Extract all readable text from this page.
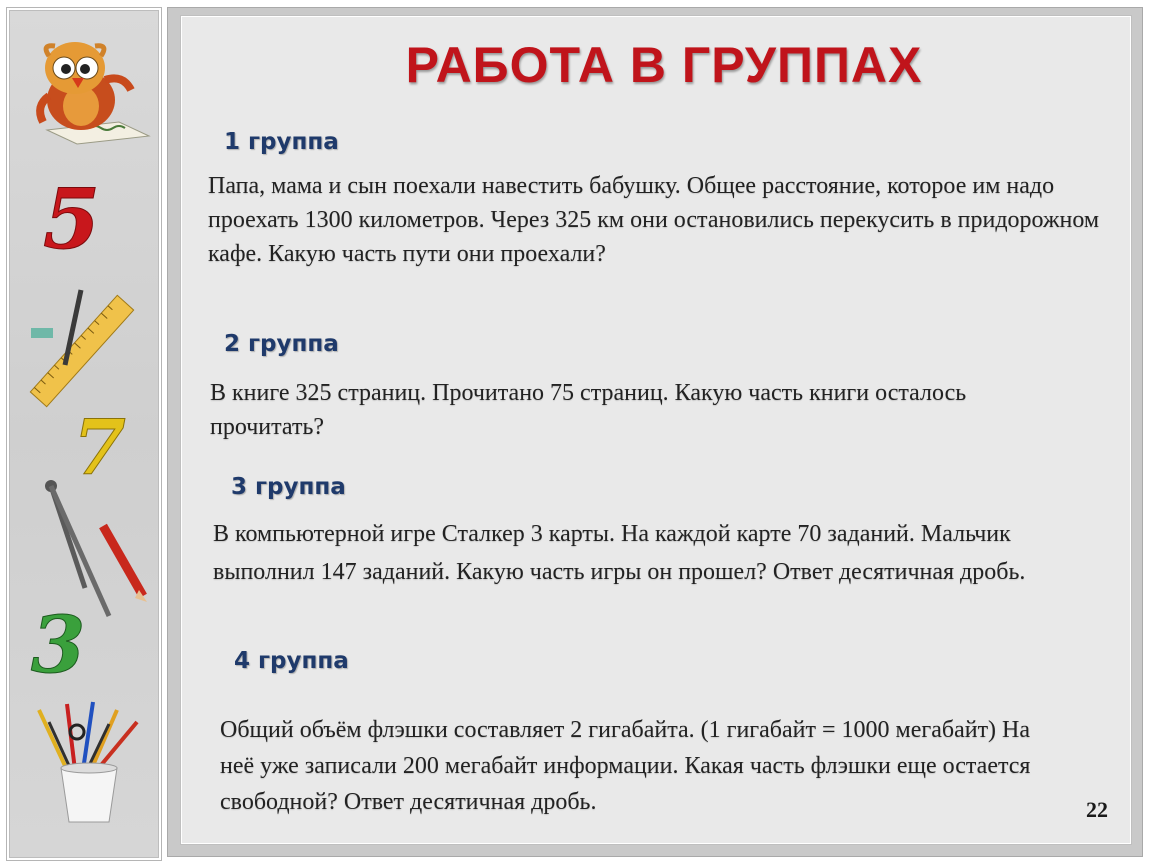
5
7
3
РАБОТА В ГРУППАХ
1 группа
Папа, мама и сын поехали навестить бабушку. Общее расстояние, которое им надо проехать 1300 километров. Через 325 км они остановились перекусить в придорожном кафе. Какую часть пути они проехали?
2 группа
В книге 325 страниц. Прочитано 75 страниц. Какую часть книги осталось прочитать?
3 группа
В компьютерной игре Сталкер 3 карты. На каждой карте 70 заданий. Мальчик выполнил 147 заданий. Какую часть игры он прошел? Ответ десятичная дробь.
4 группа
Общий объём флэшки составляет 2 гигабайта. (1 гигабайт = 1000 мегабайт) На неё уже записали 200 мегабайт информации. Какая часть флэшки еще остается свободной? Ответ десятичная дробь.	22
